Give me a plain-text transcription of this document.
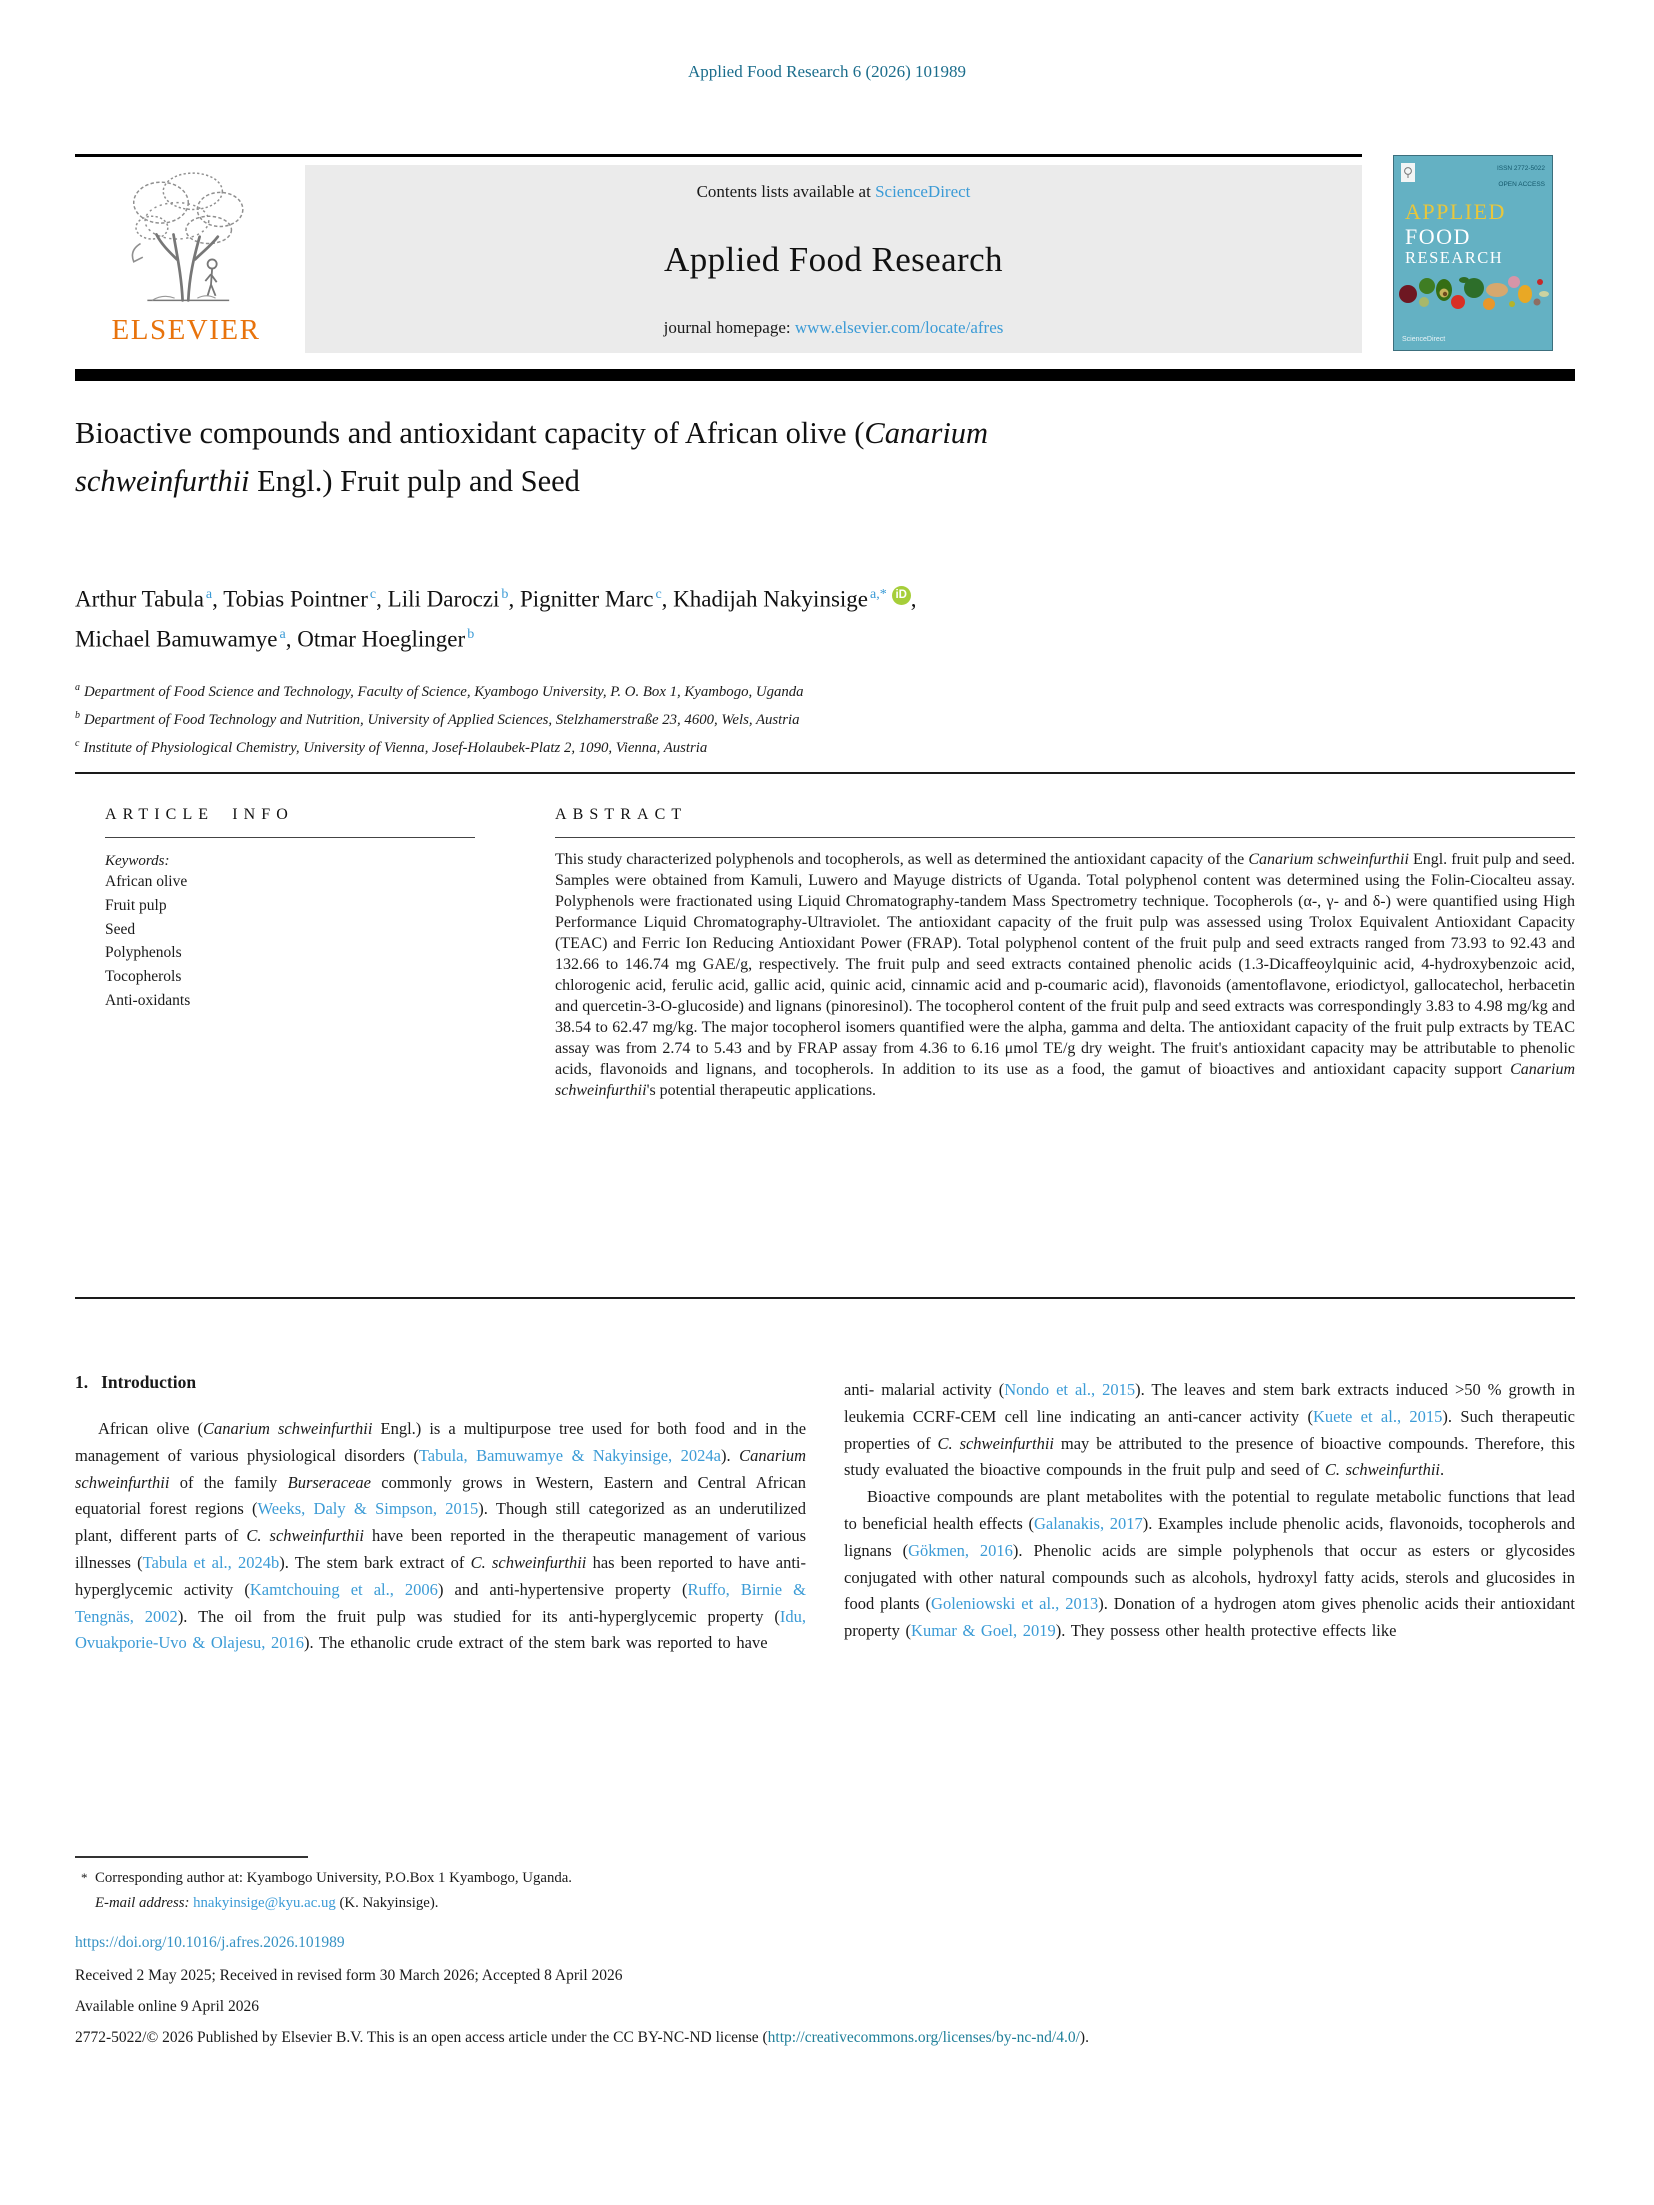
Applied Food Research 6 (2026) 101989
ELSEVIER
Contents lists available at ScienceDirect
Applied Food Research
journal homepage: www.elsevier.com/locate/afres
ISSN 2772-5022
OPEN ACCESS
APPLIED
FOOD
RESEARCH
ScienceDirect
Bioactive compounds and antioxidant capacity of African olive (Canarium
schweinfurthii Engl.) Fruit pulp and Seed
Arthur Tabula $^a$, Tobias Pointner $^c$, Lili Daroczi $^b$, Pignitter Marc $^c$, Khadijah Nakyinsige $^{a,*}$ iD ,
Michael Bamuwamye $^a$, Otmar Hoeglinger $^b$
$^a$ Department of Food Science and Technology, Faculty of Science, Kyambogo University, P. O. Box 1, Kyambogo, Uganda
$^b$ Department of Food Technology and Nutrition, University of Applied Sciences, Stelzhamerstraße 23, 4600, Wels, Austria
$^c$ Institute of Physiological Chemistry, University of Vienna, Josef-Holaubek-Platz 2, 1090, Vienna, Austria
ARTICLE INFO
Keywords:
African olive
Fruit pulp
Seed
Polyphenols
Tocopherols
Anti-oxidants
ABSTRACT
This study characterized polyphenols and tocopherols, as well as determined the antioxidant capacity of the Canarium schweinfurthii Engl. fruit pulp and seed. Samples were obtained from Kamuli, Luwero and Mayuge districts of Uganda. Total polyphenol content was determined using the Folin-Ciocalteu assay. Polyphenols were fractionated using Liquid Chromatography-tandem Mass Spectrometry technique. Tocopherols (α-, γ- and δ-) were quantified using High Performance Liquid Chromatography-Ultraviolet. The antioxidant capacity of the fruit pulp was assessed using Trolox Equivalent Antioxidant Capacity (TEAC) and Ferric Ion Reducing Antioxidant Power (FRAP). Total polyphenol content of the fruit pulp and seed extracts ranged from 73.93 to 92.43 and 132.66 to 146.74 mg GAE/g, respectively. The fruit pulp and seed extracts contained phenolic acids (1.3-Dicaffeoylquinic acid, 4-hydroxybenzoic acid, chlorogenic acid, ferulic acid, gallic acid, quinic acid, cinnamic acid and p-coumaric acid), flavonoids (amentoflavone, eriodictyol, gallocatechol, herbacetin and quercetin-3-O-glucoside) and lignans (pinoresinol). The tocopherol content of the fruit pulp and seed extracts was correspondingly 3.83 to 4.98 mg/kg and 38.54 to 62.47 mg/kg. The major tocopherol isomers quantified were the alpha, gamma and delta. The antioxidant capacity of the fruit pulp extracts by TEAC assay was from 2.74 to 5.43 and by FRAP assay from 4.36 to 6.16 μmol TE/g dry weight. The fruit's antioxidant capacity may be attributable to phenolic acids, flavonoids and lignans, and tocopherols. In addition to its use as a food, the gamut of bioactives and antioxidant capacity support Canarium schweinfurthii's potential therapeutic applications.
1. Introduction
African olive (Canarium schweinfurthii Engl.) is a multipurpose tree used for both food and in the management of various physiological disorders (Tabula, Bamuwamye & Nakyinsige, 2024a). Canarium schweinfurthii of the family Burseraceae commonly grows in Western, Eastern and Central African equatorial forest regions (Weeks, Daly & Simpson, 2015). Though still categorized as an underutilized plant, different parts of C. schweinfurthii have been reported in the therapeutic management of various illnesses (Tabula et al., 2024b). The stem bark extract of C. schweinfurthii has been reported to have anti-hyperglycemic activity (Kamtchouing et al., 2006) and anti-hypertensive property (Ruffo, Birnie & Tengnäs, 2002). The oil from the fruit pulp was studied for its anti-hyperglycemic property (Idu, Ovuakporie-Uvo & Olajesu, 2016). The ethanolic crude extract of the stem bark was reported to have
anti- malarial activity (Nondo et al., 2015). The leaves and stem bark extracts induced >50 % growth in leukemia CCRF-CEM cell line indicating an anti-cancer activity (Kuete et al., 2015). Such therapeutic properties of C. schweinfurthii may be attributed to the presence of bioactive compounds. Therefore, this study evaluated the bioactive compounds in the fruit pulp and seed of C. schweinfurthii.
Bioactive compounds are plant metabolites with the potential to regulate metabolic functions that lead to beneficial health effects (Galanakis, 2017). Examples include phenolic acids, flavonoids, tocopherols and lignans (Gökmen, 2016). Phenolic acids are simple polyphenols that occur as esters or glycosides conjugated with other natural compounds such as alcohols, hydroxyl fatty acids, sterols and glucosides in food plants (Goleniowski et al., 2013). Donation of a hydrogen atom gives phenolic acids their antioxidant property (Kumar & Goel, 2019). They possess other health protective effects like
* Corresponding author at: Kyambogo University, P.O.Box 1 Kyambogo, Uganda.
E-mail address: hnakyinsige@kyu.ac.ug (K. Nakyinsige).
https://doi.org/10.1016/j.afres.2026.101989
Received 2 May 2025; Received in revised form 30 March 2026; Accepted 8 April 2026
Available online 9 April 2026
2772-5022/© 2026 Published by Elsevier B.V. This is an open access article under the CC BY-NC-ND license (http://creativecommons.org/licenses/by-nc-nd/4.0/).
